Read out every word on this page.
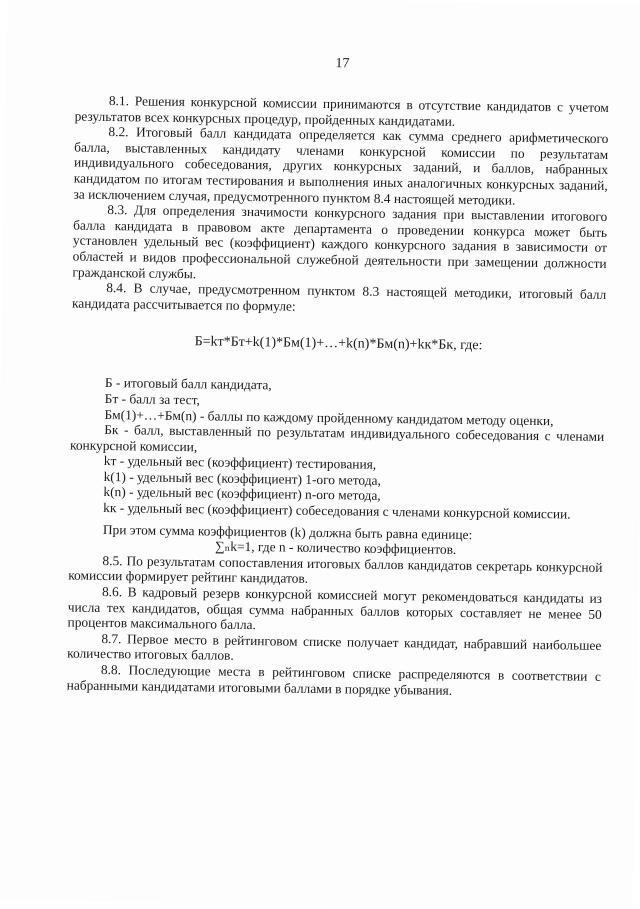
17

8.1. Решения конкурсной комиссии принимаются в отсутствие кандидатов с учетом результатов всех конкурсных процедур, пройденных кандидатами.

8.2. Итоговый балл кандидата определяется как сумма среднего арифметического балла, выставленных кандидату членами конкурсной комиссии по результатам индивидуального собеседования, других конкурсных заданий, и баллов, набранных кандидатом по итогам тестирования и выполнения иных аналогичных конкурсных заданий, за исключением случая, предусмотренного пунктом 8.4 настоящей методики.

8.3. Для определения значимости конкурсного задания при выставлении итогового балла кандидата в правовом акте департамента о проведении конкурса может быть установлен удельный вес (коэффициент) каждого конкурсного задания в зависимости от областей и видов профессиональной служебной деятельности при замещении должности гражданской службы.

8.4. В случае, предусмотренном пунктом 8.3 настоящей методики, итоговый балл кандидата рассчитывается по формуле:

Б=kт*Бт+k(1)*Бм(1)+…+k(n)*Бм(n)+kк*Бк, где:

Б - итоговый балл кандидата,

Бт - балл за тест,

Бм(1)+…+Бм(n) - баллы по каждому пройденному кандидатом методу оценки,

Бк - балл, выставленный по результатам индивидуального собеседования с членами конкурсной комиссии,

kт - удельный вес (коэффициент) тестирования,

k(1) - удельный вес (коэффициент) 1-ого метода,

k(n) - удельный вес (коэффициент) n-ого метода,

kк - удельный вес (коэффициент) собеседования с членами конкурсной комиссии.

При этом сумма коэффициентов (k) должна быть равна единице:

∑ₙk=1, где n - количество коэффициентов.

8.5. По результатам сопоставления итоговых баллов кандидатов секретарь конкурсной комиссии формирует рейтинг кандидатов.

8.6. В кадровый резерв конкурсной комиссией могут рекомендоваться кандидаты из числа тех кандидатов, общая сумма набранных баллов которых составляет не менее 50 процентов максимального балла.

8.7. Первое место в рейтинговом списке получает кандидат, набравший наибольшее количество итоговых баллов.

8.8. Последующие места в рейтинговом списке распределяются в соответствии с набранными кандидатами итоговыми баллами в порядке убывания.
